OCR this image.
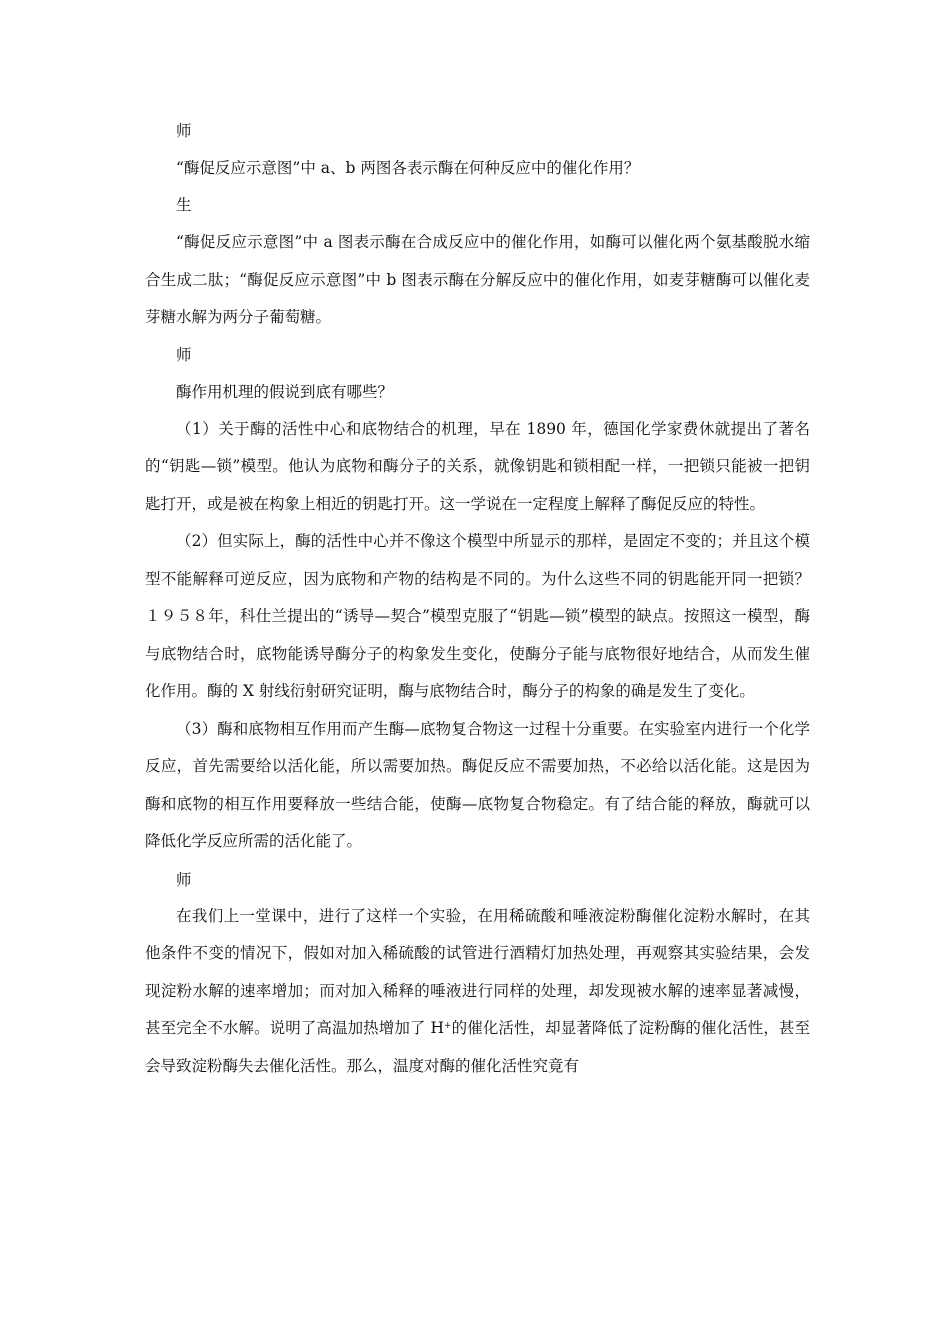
师

“酶促反应示意图”中 a、b 两图各表示酶在何种反应中的催化作用？

生

“酶促反应示意图”中 a 图表示酶在合成反应中的催化作用，如酶可以催化两个氨基酸脱水缩合生成二肽；“酶促反应示意图”中 b 图表示酶在分解反应中的催化作用，如麦芽糖酶可以催化麦芽糖水解为两分子葡萄糖。

师

酶作用机理的假说到底有哪些？

（1）关于酶的活性中心和底物结合的机理，早在 1890 年，德国化学家费休就提出了著名的“钥匙—锁”模型。他认为底物和酶分子的关系，就像钥匙和锁相配一样，一把锁只能被一把钥匙打开，或是被在构象上相近的钥匙打开。这一学说在一定程度上解释了酶促反应的特性。

（2）但实际上，酶的活性中心并不像这个模型中所显示的那样，是固定不变的；并且这个模型不能解释可逆反应，因为底物和产物的结构是不同的。为什么这些不同的钥匙能开同一把锁？１９５８年，科仕兰提出的“诱导—契合”模型克服了“钥匙—锁”模型的缺点。按照这一模型，酶与底物结合时，底物能诱导酶分子的构象发生变化，使酶分子能与底物很好地结合，从而发生催化作用。酶的 X 射线衍射研究证明，酶与底物结合时，酶分子的构象的确是发生了变化。

（3）酶和底物相互作用而产生酶—底物复合物这一过程十分重要。在实验室内进行一个化学反应，首先需要给以活化能，所以需要加热。酶促反应不需要加热，不必给以活化能。这是因为酶和底物的相互作用要释放一些结合能，使酶—底物复合物稳定。有了结合能的释放，酶就可以降低化学反应所需的活化能了。

师

在我们上一堂课中，进行了这样一个实验，在用稀硫酸和唾液淀粉酶催化淀粉水解时，在其他条件不变的情况下，假如对加入稀硫酸的试管进行酒精灯加热处理，再观察其实验结果，会发现淀粉水解的速率增加；而对加入稀释的唾液进行同样的处理，却发现被水解的速率显著减慢，甚至完全不水解。说明了高温加热增加了 H+的催化活性，却显著降低了淀粉酶的催化活性，甚至会导致淀粉酶失去催化活性。那么，温度对酶的催化活性究竟有
